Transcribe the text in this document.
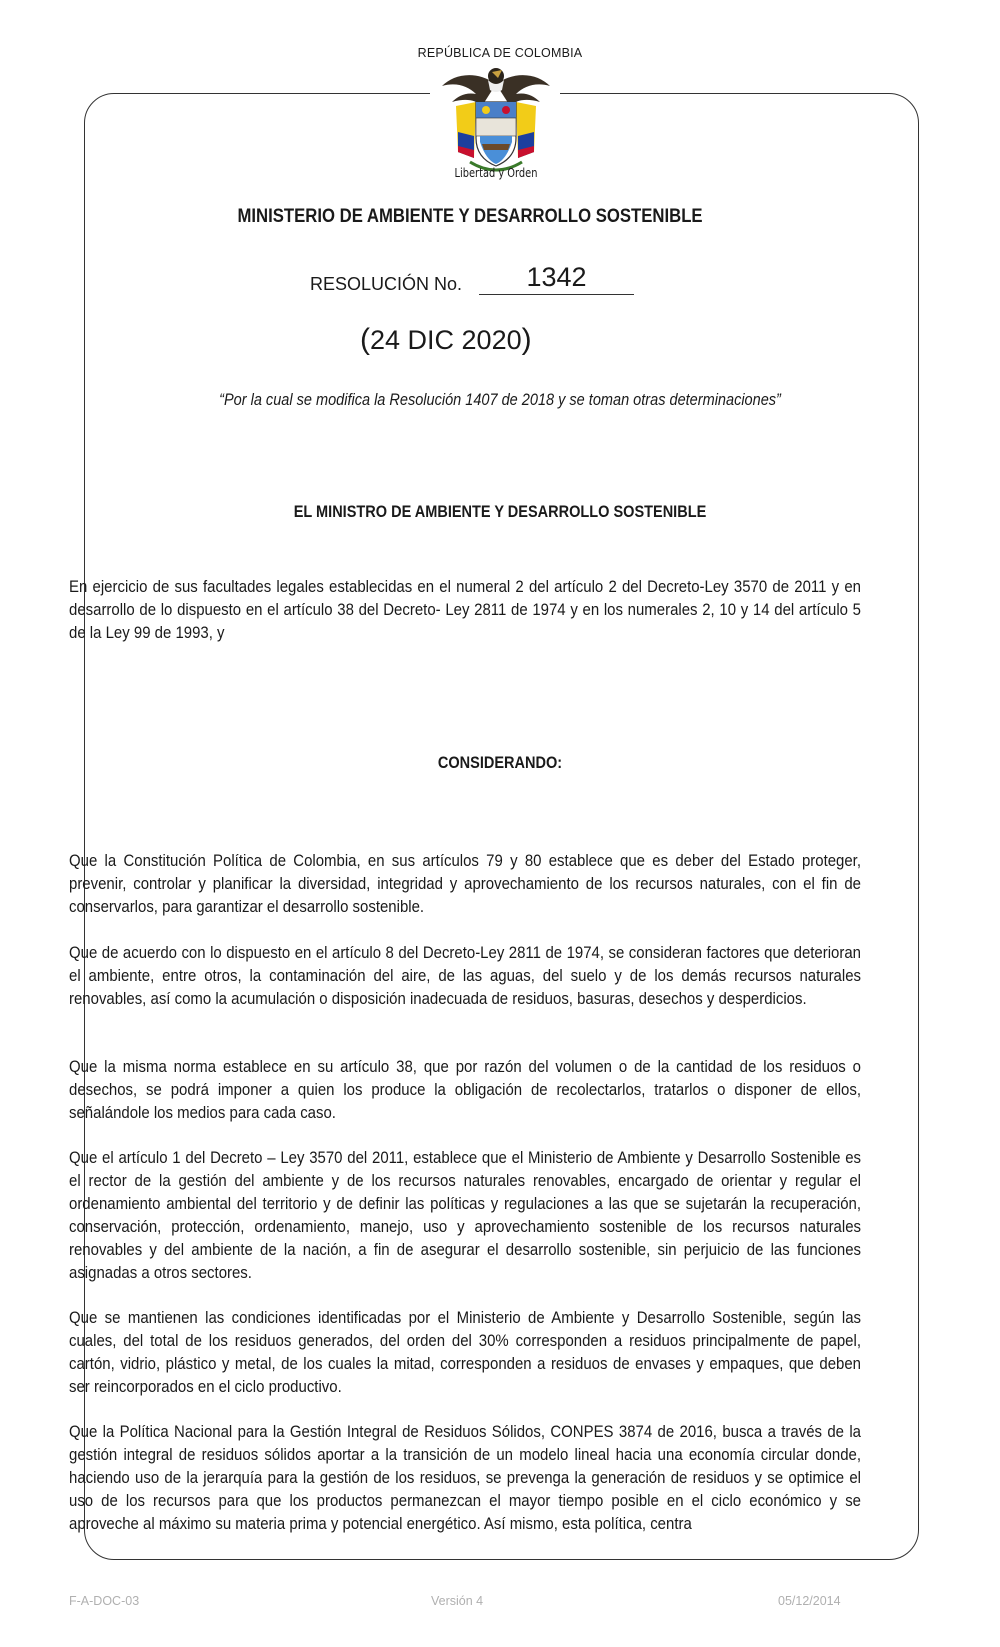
REPÚBLICA DE COLOMBIA
Libertad y Orden
MINISTERIO DE AMBIENTE Y DESARROLLO SOSTENIBLE
RESOLUCIÓN No.	1342
(24 DIC 2020)
“Por la cual se modifica la Resolución 1407 de 2018 y se toman otras determinaciones”
EL MINISTRO DE AMBIENTE Y DESARROLLO SOSTENIBLE
En ejercicio de sus facultades legales establecidas en el numeral 2 del artículo 2 del Decreto-Ley 3570 de 2011 y en desarrollo de lo dispuesto en el artículo 38 del Decreto- Ley 2811 de 1974 y en los numerales 2, 10 y 14 del artículo 5 de la Ley 99 de 1993, y
CONSIDERANDO:
Que la Constitución Política de Colombia, en sus artículos 79 y 80 establece que es deber del Estado proteger, prevenir, controlar y planificar la diversidad, integridad y aprovechamiento de los recursos naturales, con el fin de conservarlos, para garantizar el desarrollo sostenible.
Que de acuerdo con lo dispuesto en el artículo 8 del Decreto-Ley 2811 de 1974, se consideran factores que deterioran el ambiente, entre otros, la contaminación del aire, de las aguas, del suelo y de los demás recursos naturales renovables, así como la acumulación o disposición inadecuada de residuos, basuras, desechos y desperdicios.
Que la misma norma establece en su artículo 38, que por razón del volumen o de la cantidad de los residuos o desechos, se podrá imponer a quien los produce la obligación de recolectarlos, tratarlos o disponer de ellos, señalándole los medios para cada caso.
Que el artículo 1 del Decreto – Ley 3570 del 2011, establece que el Ministerio de Ambiente y Desarrollo Sostenible es el rector de la gestión del ambiente y de los recursos naturales renovables, encargado de orientar y regular el ordenamiento ambiental del territorio y de definir las políticas y regulaciones a las que se sujetarán la recuperación, conservación, protección, ordenamiento, manejo, uso y aprovechamiento sostenible de los recursos naturales renovables y del ambiente de la nación, a fin de asegurar el desarrollo sostenible, sin perjuicio de las funciones asignadas a otros sectores.
Que se mantienen las condiciones identificadas por el Ministerio de Ambiente y Desarrollo Sostenible, según las cuales, del total de los residuos generados, del orden del 30% corresponden a residuos principalmente de papel, cartón, vidrio, plástico y metal, de los cuales la mitad, corresponden a residuos de envases y empaques, que deben ser reincorporados en el ciclo productivo.
Que la Política Nacional para la Gestión Integral de Residuos Sólidos, CONPES 3874 de 2016, busca a través de la gestión integral de residuos sólidos aportar a la transición de un modelo lineal hacia una economía circular donde, haciendo uso de la jerarquía para la gestión de los residuos, se prevenga la generación de residuos y se optimice el uso de los recursos para que los productos permanezcan el mayor tiempo posible en el ciclo económico y se aproveche al máximo su materia prima y potencial energético. Así mismo, esta política, centra
F-A-DOC-03	Versión 4	05/12/2014
